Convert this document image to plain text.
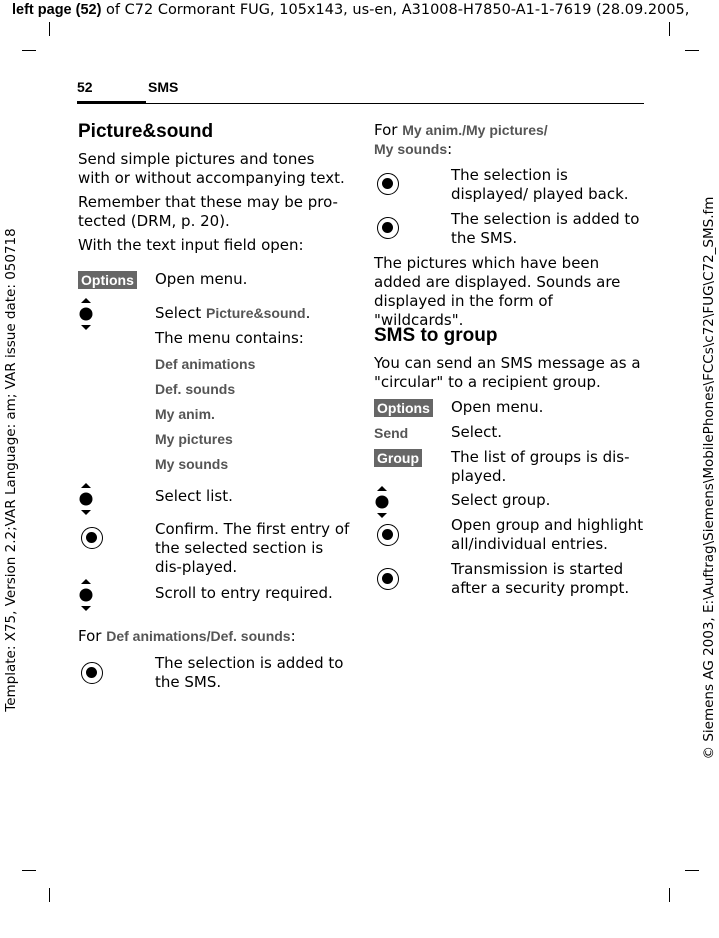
left page (52) of C72 Cormorant FUG, 105x143, us-en, A31008-H7850-A1-1-7619 (28.09.2005,
Template: X75, Version 2.2;VAR Language: am; VAR issue date: 050718	© Siemens AG 2003, E:\Auftrag\Siemens\MobilePhones\FCCs\c72\FUG\C72_SMS.fm
52	SMS
Picture&sound
Send simple pictures and tones with or without accompanying text.
Remember that these may be pro-tected (DRM, p. 20).
With the text input field open:
Options Open menu.
Select Picture&sound.
The menu contains:
Def animations
Def. sounds
My anim.
My pictures
My sounds
Select list.
Confirm. The first entry of the selected section is dis-played.
Scroll to entry required.
For Def animations/Def. sounds:
The selection is added to the SMS.
For My anim./My pictures/
My sounds:
The selection is displayed/ played back.
The selection is added to the SMS.
The pictures which have been added are displayed. Sounds are displayed in the form of "wildcards".
SMS to group
You can send an SMS message as a "circular" to a recipient group.
Options Open menu.
Send	Select.
Group The list of groups is dis-played.
Select group.
Open group and highlight all/individual entries.
Transmission is started after a security prompt.
